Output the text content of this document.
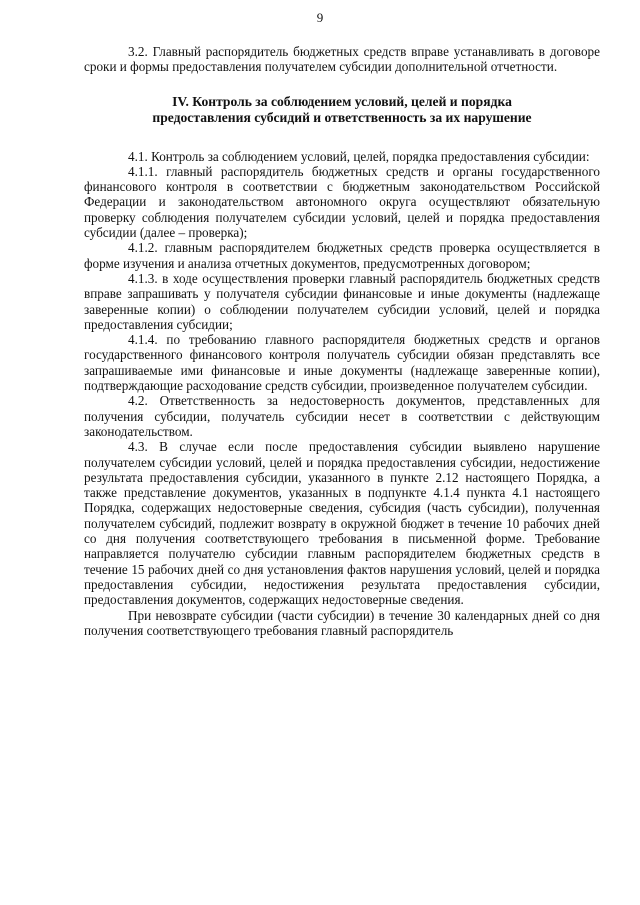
9

3.2. Главный распорядитель бюджетных средств вправе устанавливать в договоре сроки и формы предоставления получателем субсидии дополнительной отчетности.

IV. Контроль за соблюдением условий, целей и порядка
предоставления субсидий и ответственность за их нарушение

4.1. Контроль за соблюдением условий, целей, порядка предоставления субсидии:

4.1.1. главный распорядитель бюджетных средств и органы государственного финансового контроля в соответствии с бюджетным законодательством Российской Федерации и законодательством автономного округа осуществляют обязательную проверку соблюдения получателем субсидии условий, целей и порядка предоставления субсидии (далее – проверка);

4.1.2. главным распорядителем бюджетных средств проверка осуществляется в форме изучения и анализа отчетных документов, предусмотренных договором;

4.1.3. в ходе осуществления проверки главный распорядитель бюджетных средств вправе запрашивать у получателя субсидии финансовые и иные документы (надлежаще заверенные копии) о соблюдении получателем субсидии условий, целей и порядка предоставления субсидии;

4.1.4. по требованию главного распорядителя бюджетных средств и органов государственного финансового контроля получатель субсидии обязан представлять все запрашиваемые ими финансовые и иные документы (надлежаще заверенные копии), подтверждающие расходование средств субсидии, произведенное получателем субсидии.

4.2. Ответственность за недостоверность документов, представленных для получения субсидии, получатель субсидии несет в соответствии с действующим законодательством.

4.3. В случае если после предоставления субсидии выявлено нарушение получателем субсидии условий, целей и порядка предоставления субсидии, недостижение результата предоставления субсидии, указанного в пункте 2.12 настоящего Порядка, а также представление документов, указанных в подпункте 4.1.4 пункта 4.1 настоящего Порядка, содержащих недостоверные сведения, субсидия (часть субсидии), полученная получателем субсидий, подлежит возврату в окружной бюджет в течение 10 рабочих дней со дня получения соответствующего требования в письменной форме. Требование направляется получателю субсидии главным распорядителем бюджетных средств в течение 15 рабочих дней со дня установления фактов нарушения условий, целей и порядка предоставления субсидии, недостижения результата предоставления субсидии, предоставления документов, содержащих недостоверные сведения.

При невозврате субсидии (части субсидии) в течение 30 календарных дней со дня получения соответствующего требования главный распорядитель
